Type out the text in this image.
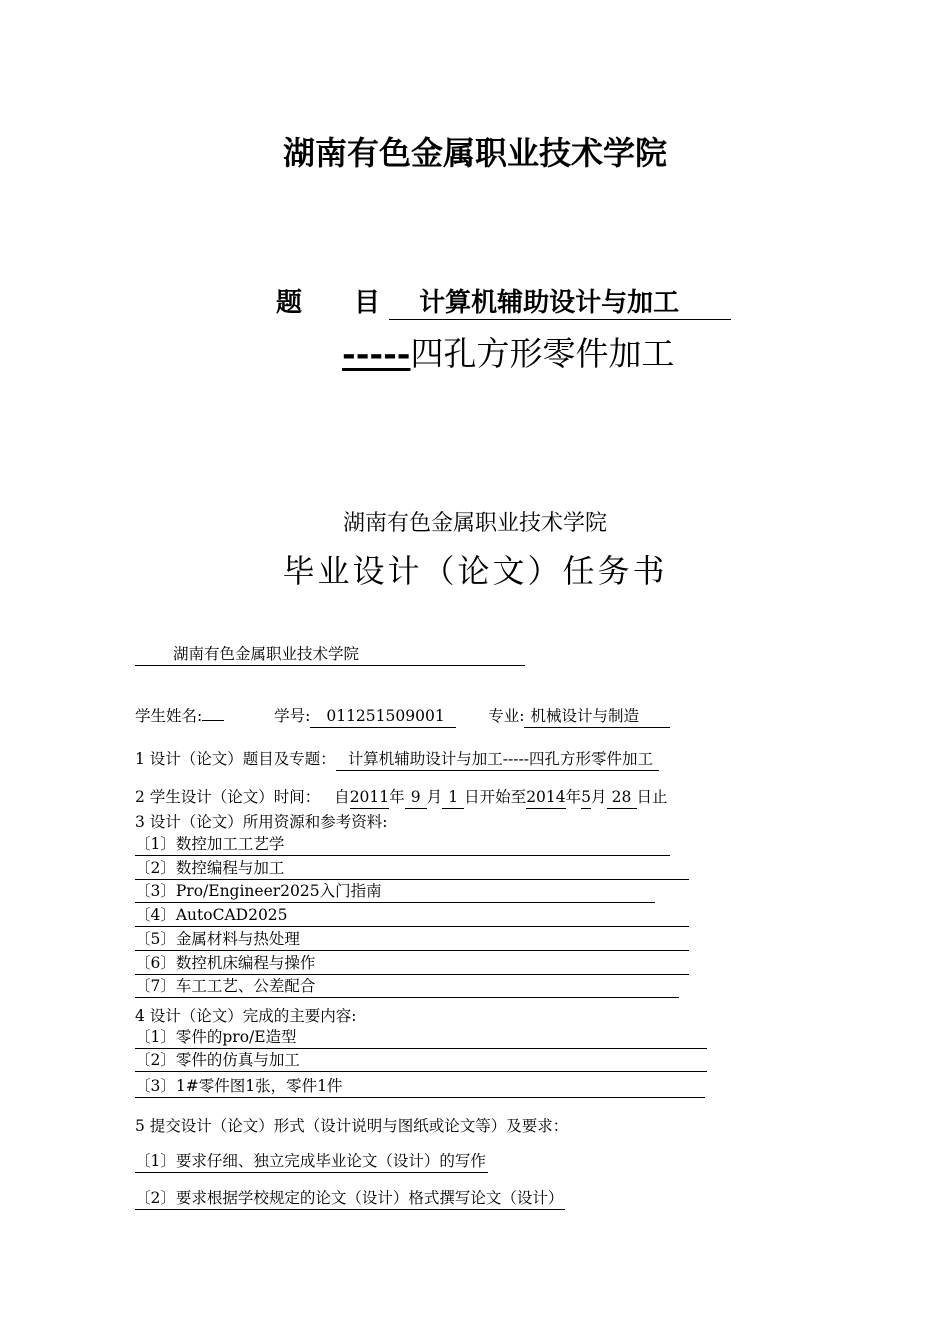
湖南有色金属职业技术学院
题　　目 计算机辅助设计与加工
-----四孔方形零件加工
湖南有色金属职业技术学院
毕业设计（论文）任务书
湖南有色金属职业技术学院
学生姓名:	学号: 011251509001	专业: 机械设计与制造
1 设计（论文）题目及专题： 计算机辅助设计与加工-----四孔方形零件加工
2 学生设计（论文）时间： 自2011年 9 月 1 日开始至2014年5月 28 日止
3 设计（论文）所用资源和参考资料:
〔1〕数控加工工艺学
〔2〕数控编程与加工
〔3〕Pro/Engineer2025入门指南
〔4〕AutoCAD2025
〔5〕金属材料与热处理
〔6〕数控机床编程与操作
〔7〕车工工艺、公差配合
4 设计（论文）完成的主要内容:
〔1〕零件的pro/E造型
〔2〕零件的仿真与加工
〔3〕1#零件图1张，零件1件
5 提交设计（论文）形式（设计说明与图纸或论文等）及要求：
〔1〕要求仔细、独立完成毕业论文（设计）的写作
〔2〕要求根据学校规定的论文（设计）格式撰写论文（设计）
